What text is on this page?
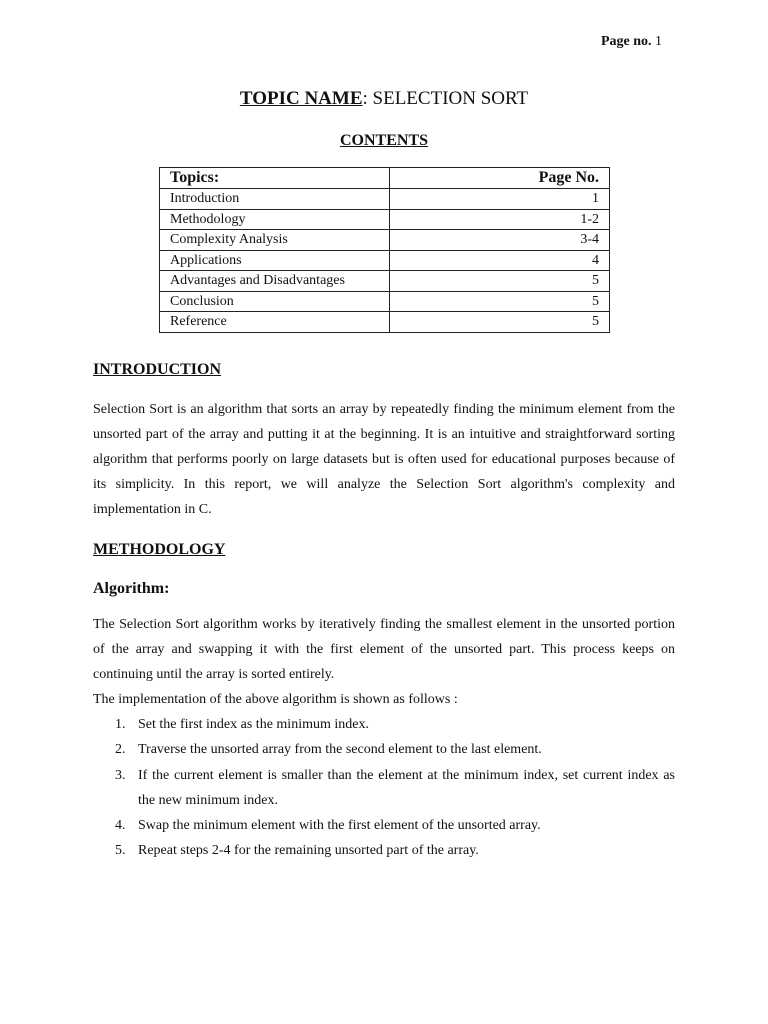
Page no. 1
TOPIC NAME: SELECTION SORT
CONTENTS
Topics:	Page No.
Introduction	1
Methodology	1-2
Complexity Analysis	3-4
Applications	4
Advantages and Disadvantages	5
Conclusion	5
Reference	5
INTRODUCTION

Selection Sort is an algorithm that sorts an array by repeatedly finding the minimum element from the unsorted part of the array and putting it at the beginning. It is an intuitive and straightforward sorting algorithm that performs poorly on large datasets but is often used for educational purposes because of its simplicity. In this report, we will analyze the Selection Sort algorithm's complexity and implementation in C.

METHODOLOGY
Algorithm:

The Selection Sort algorithm works by iteratively finding the smallest element in the unsorted portion of the array and swapping it with the first element of the unsorted part. This process keeps on continuing until the array is sorted entirely.

The implementation of the above algorithm is shown as follows :

1. Set the first index as the minimum index.
2. Traverse the unsorted array from the second element to the last element.
3. If the current element is smaller than the element at the minimum index, set current index as the new minimum index.
4. Swap the minimum element with the first element of the unsorted array.
5. Repeat steps 2-4 for the remaining unsorted part of the array.
